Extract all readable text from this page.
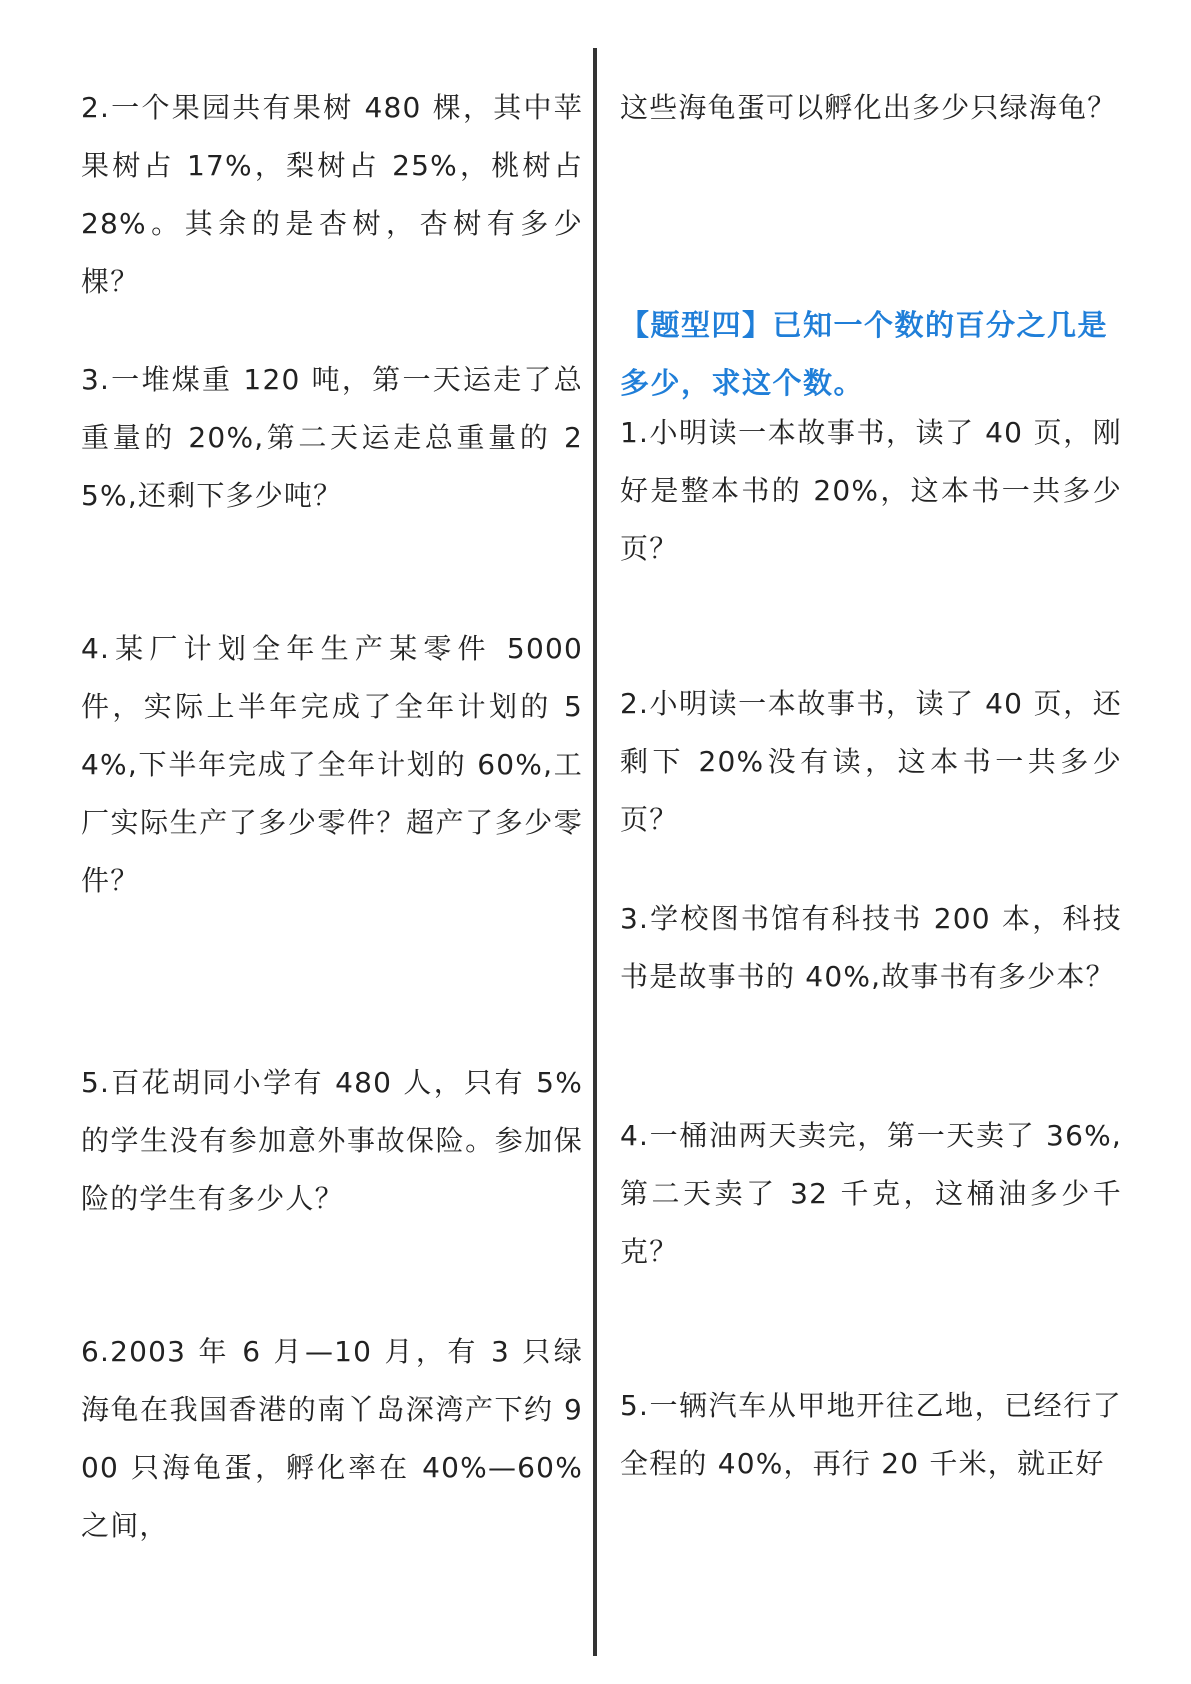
2.一个果园共有果树 480 棵，其中苹果树占 17%，梨树占 25%，桃树占 28%。其余的是杏树，杏树有多少棵？

3.一堆煤重 120 吨，第一天运走了总重量的 20%,第二天运走总重量的 25%,还剩下多少吨？

4.某厂计划全年生产某零件 5000 件，实际上半年完成了全年计划的 54%,下半年完成了全年计划的 60%,工厂实际生产了多少零件？超产了多少零件？

5.百花胡同小学有 480 人，只有 5%的学生没有参加意外事故保险。参加保险的学生有多少人？

6.2003 年 6 月—10 月，有 3 只绿海龟在我国香港的南丫岛深湾产下约 900 只海龟蛋，孵化率在 40%—60%之间，

这些海龟蛋可以孵化出多少只绿海龟？

【题型四】已知一个数的百分之几是多少，求这个数。

1.小明读一本故事书，读了 40 页，刚好是整本书的 20%，这本书一共多少页？

2.小明读一本故事书，读了 40 页，还剩下 20%没有读，这本书一共多少页？

3.学校图书馆有科技书 200 本，科技书是故事书的 40%,故事书有多少本？

4.一桶油两天卖完，第一天卖了 36%,第二天卖了 32 千克，这桶油多少千克？

5.一辆汽车从甲地开往乙地，已经行了全程的 40%，再行 20 千米，就正好
